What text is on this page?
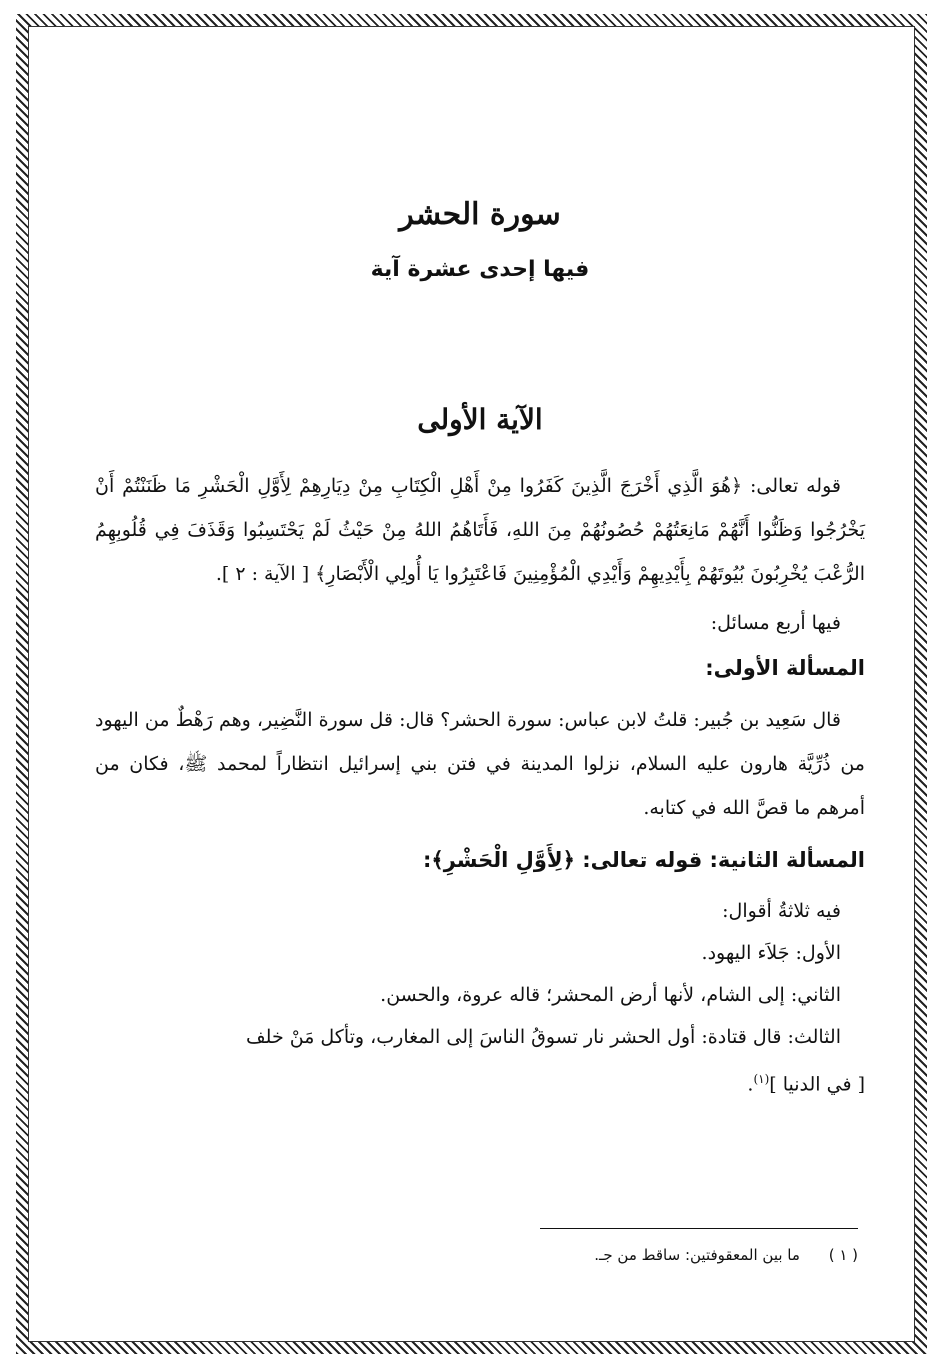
سورة الحشر
فيها إحدى عشرة آية
الآية الأولى

قوله تعالى: ﴿هُوَ الَّذِي أَخْرَجَ الَّذِينَ كَفَرُوا مِنْ أَهْلِ الْكِتَابِ مِنْ دِيَارِهِمْ لِأَوَّلِ الْحَشْرِ مَا ظَنَنْتُمْ أَنْ يَخْرُجُوا وَظَنُّوا أَنَّهُمْ مَانِعَتُهُمْ حُصُونُهُمْ مِنَ اللهِ، فَأَتَاهُمُ اللهُ مِنْ حَيْثُ لَمْ يَحْتَسِبُوا وَقَذَفَ فِي قُلُوبِهِمُ الرُّعْبَ يُخْرِبُونَ بُيُوتَهُمْ بِأَيْدِيهِمْ وَأَيْدِي الْمُؤْمِنِينَ فَاعْتَبِرُوا يَا أُولِي الْأَبْصَارِ﴾ [ الآية : ٢ ].

فيها أربع مسائل:

المسألة الأولى:

قال سَعِيد بن جُبير: قلتُ لابن عباس: سورة الحشر؟ قال: قل سورة النَّضِير، وهم رَهْطٌ من اليهود من ذُرِّيَّة هارون عليه السلام، نزلوا المدينة في فتن بني إسرائيل انتظاراً لمحمد ﷺ، فكان من أمرهم ما قصَّ الله في كتابه.

المسألة الثانية: قوله تعالى: ﴿لِأَوَّلِ الْحَشْرِ﴾:

فيه ثلاثةُ أقوال:

الأول: جَلاَء اليهود.

الثاني: إلى الشام، لأنها أرض المحشر؛ قاله عروة، والحسن.

الثالث: قال قتادة: أول الحشر نار تسوقُ الناسَ إلى المغارب، وتأكل مَنْ خلف

[ في الدنيا ]$^{(١)}$.

( ١ ) ما بين المعقوفتين: ساقط من جـ.
